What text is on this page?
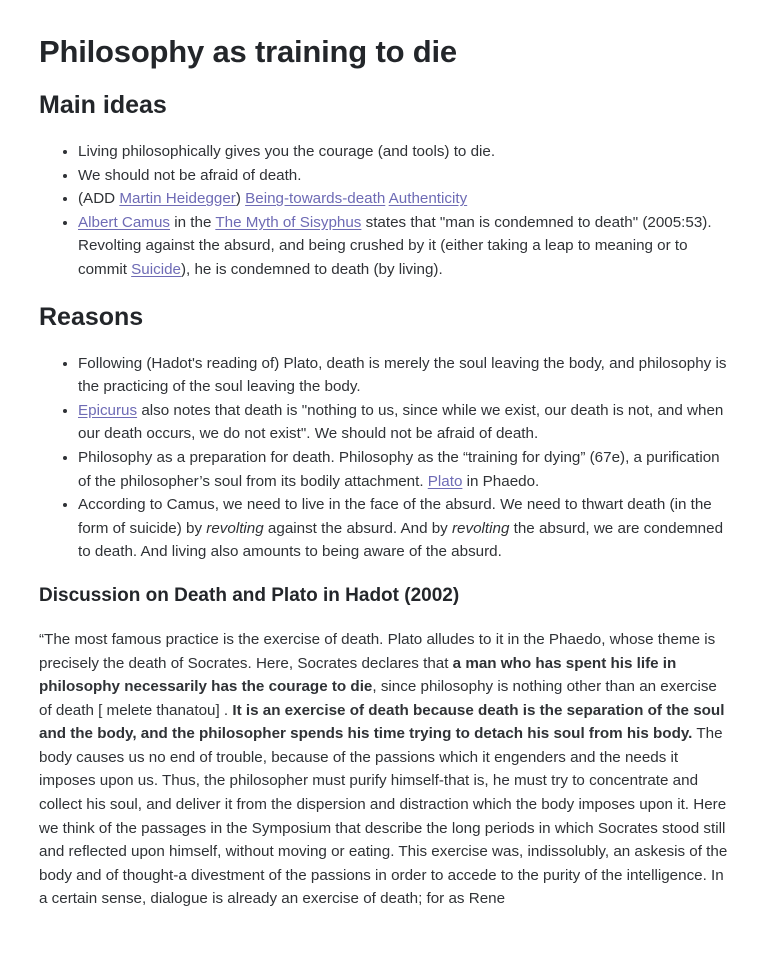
Philosophy as training to die
Main ideas
• Living philosophically gives you the courage (and tools) to die.
• We should not be afraid of death.
• (ADD Martin Heidegger) Being-towards-death Authenticity
• Albert Camus in the The Myth of Sisyphus states that "man is condemned to death" (2005:53). Revolting against the absurd, and being crushed by it (either taking a leap to meaning or to commit Suicide), he is condemned to death (by living).
Reasons
• Following (Hadot's reading of) Plato, death is merely the soul leaving the body, and philosophy is the practicing of the soul leaving the body.
• Epicurus also notes that death is "nothing to us, since while we exist, our death is not, and when our death occurs, we do not exist". We should not be afraid of death.
• Philosophy as a preparation for death. Philosophy as the “training for dying” (67e), a purification of the philosopher’s soul from its bodily attachment. Plato in Phaedo.
• According to Camus, we need to live in the face of the absurd. We need to thwart death (in the form of suicide) by revolting against the absurd. And by revolting the absurd, we are condemned to death. And living also amounts to being aware of the absurd.
Discussion on Death and Plato in Hadot (2002)

“The most famous practice is the exercise of death. Plato alludes to it in the Phaedo, whose theme is precisely the death of Socrates. Here, Socrates declares that a man who has spent his life in philosophy necessarily has the courage to die, since philosophy is nothing other than an exercise of death [ melete thanatou] . It is an exercise of death because death is the separation of the soul and the body, and the philosopher spends his time trying to detach his soul from his body. The body causes us no end of trouble, because of the passions which it engenders and the needs it imposes upon us. Thus, the philosopher must purify himself-that is, he must try to concentrate and collect his soul, and deliver it from the dispersion and distraction which the body imposes upon it. Here we think of the passages in the Symposium that describe the long periods in which Socrates stood still and reflected upon himself, without moving or eating. This exercise was, indissolubly, an askesis of the body and of thought-a divestment of the passions in order to accede to the purity of the intelligence. In a certain sense, dialogue is already an exercise of death; for as Rene
